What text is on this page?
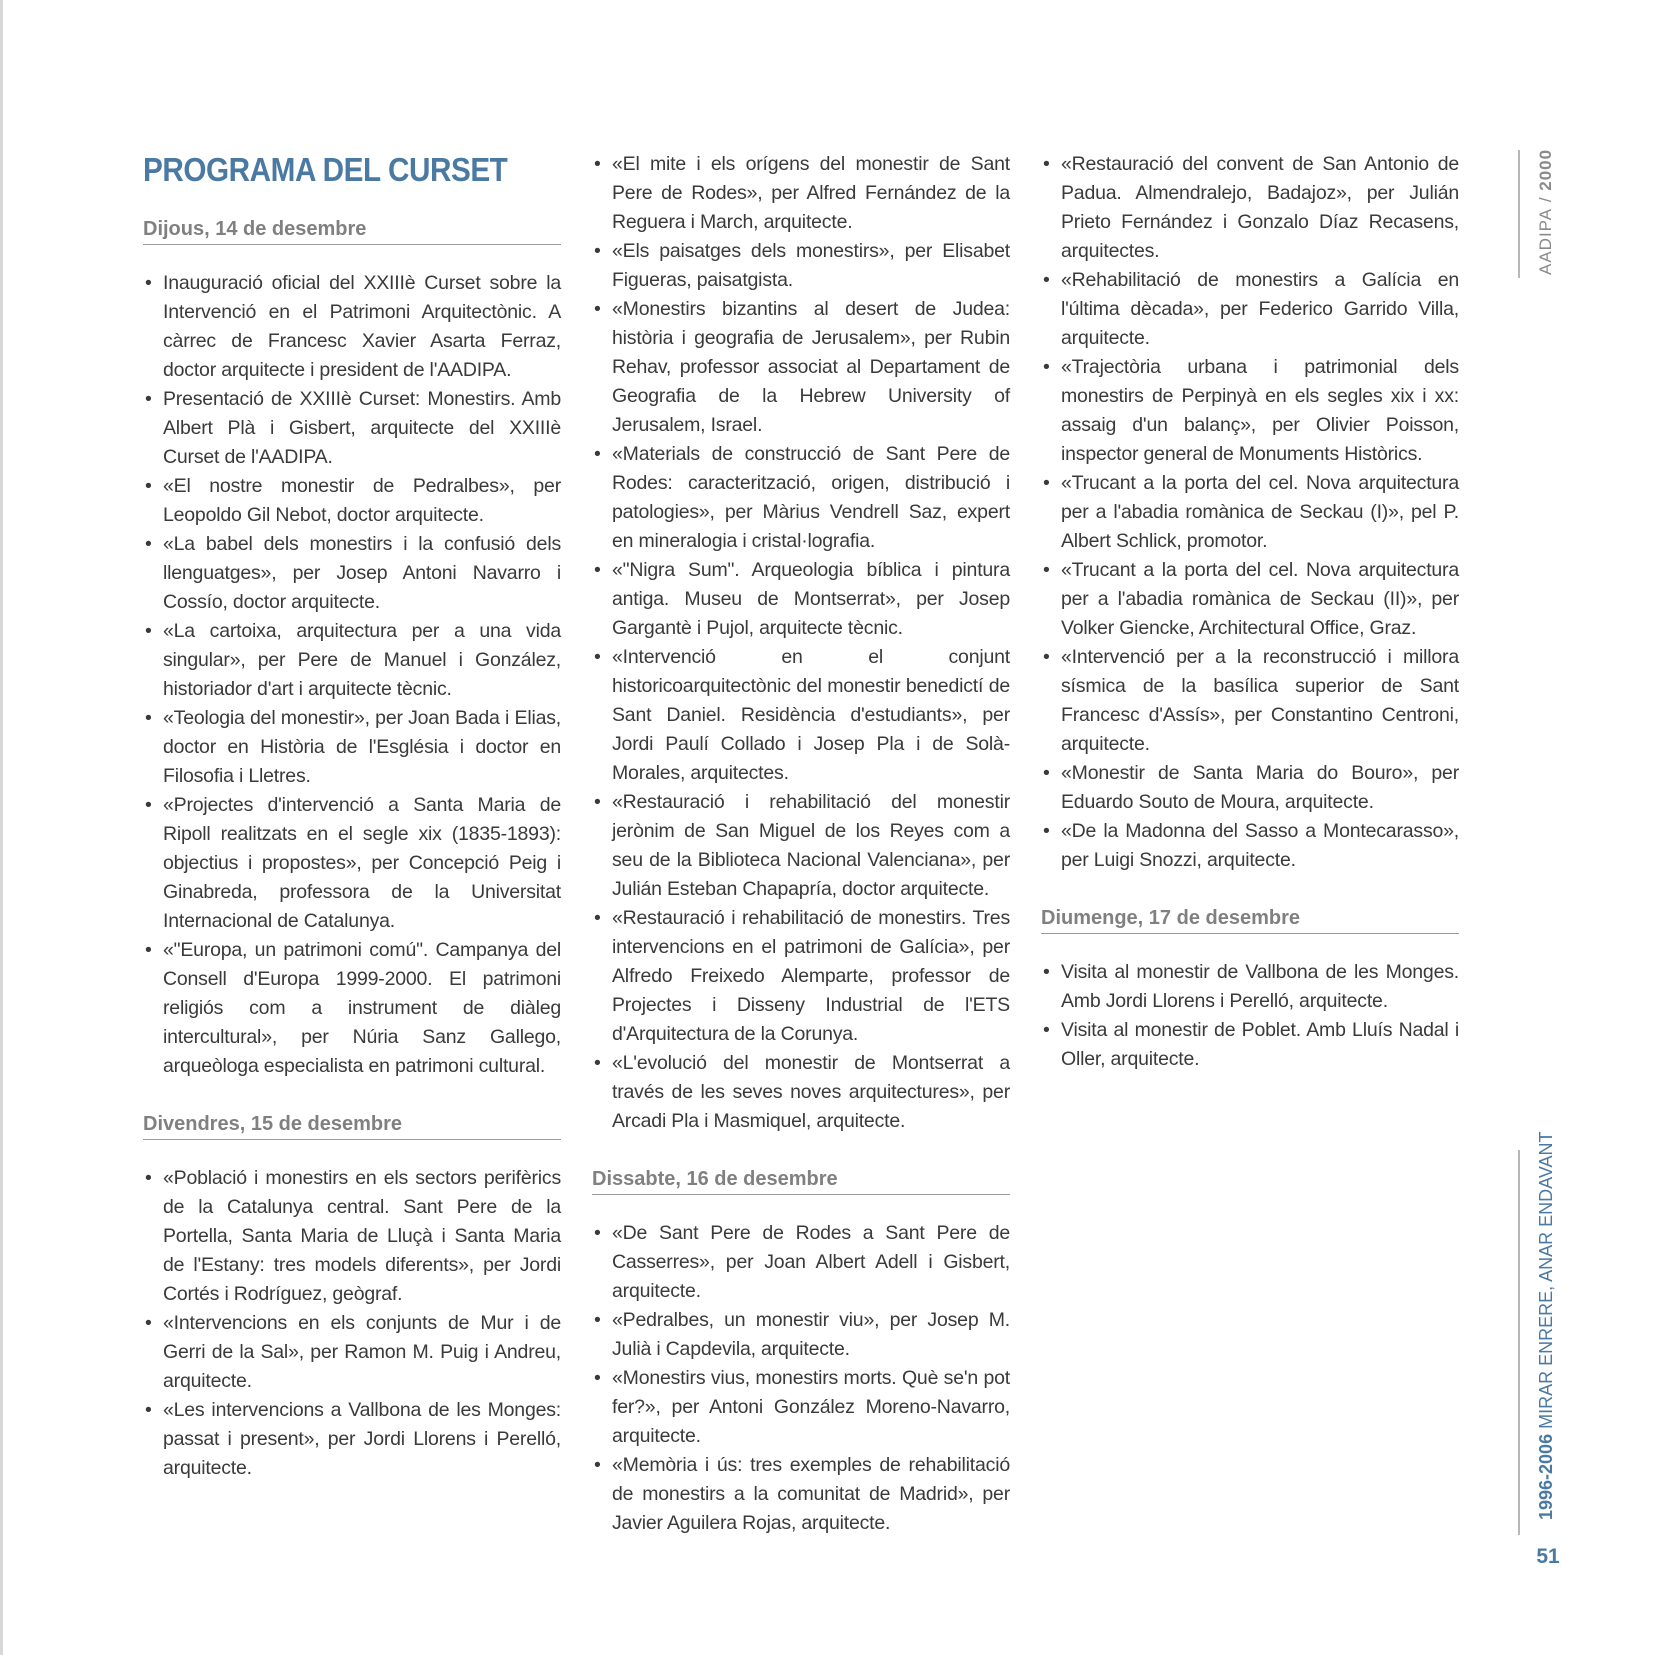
PROGRAMA DEL CURSET
Dijous, 14 de desembre
• Inauguració oficial del XXIIIè Curset sobre la Intervenció en el Patrimoni Arquitectònic. A càrrec de Francesc Xavier Asarta Ferraz, doctor arquitecte i president de l'AADIPA.
• Presentació de XXIIIè Curset: Monestirs. Amb Albert Plà i Gisbert, arquitecte del XXIIIè Curset de l'AADIPA.
• «El nostre monestir de Pedralbes», per Leopoldo Gil Nebot, doctor arquitecte.
• «La babel dels monestirs i la confusió dels llenguatges», per Josep Antoni Navarro i Cossío, doctor arquitecte.
• «La cartoixa, arquitectura per a una vida singular», per Pere de Manuel i González, historiador d'art i arquitecte tècnic.
• «Teologia del monestir», per Joan Bada i Elias, doctor en Història de l'Església i doctor en Filosofia i Lletres.
• «Projectes d'intervenció a Santa Maria de Ripoll realitzats en el segle xix (1835-1893): objectius i propostes», per Concepció Peig i Ginabreda, professora de la Universitat Internacional de Catalunya.
• «"Europa, un patrimoni comú". Campanya del Consell d'Europa 1999-2000. El patrimoni religiós com a instrument de diàleg intercultural», per Núria Sanz Gallego, arqueòloga especialista en patrimoni cultural.
Divendres, 15 de desembre
• «Població i monestirs en els sectors perifèrics de la Catalunya central. Sant Pere de la Portella, Santa Maria de Lluçà i Santa Maria de l'Estany: tres models diferents», per Jordi Cortés i Rodríguez, geògraf.
• «Intervencions en els conjunts de Mur i de Gerri de la Sal», per Ramon M. Puig i Andreu, arquitecte.
• «Les intervencions a Vallbona de les Monges: passat i present», per Jordi Llorens i Perelló, arquitecte.
• «El mite i els orígens del monestir de Sant Pere de Rodes», per Alfred Fernández de la Reguera i March, arquitecte.
• «Els paisatges dels monestirs», per Elisabet Figueras, paisatgista.
• «Monestirs bizantins al desert de Judea: història i geografia de Jerusalem», per Rubin Rehav, professor associat al Departament de Geografia de la Hebrew University of Jerusalem, Israel.
• «Materials de construcció de Sant Pere de Rodes: caracterització, origen, distribució i patologies», per Màrius Vendrell Saz, expert en mineralogia i cristal·lografia.
• «"Nigra Sum". Arqueologia bíblica i pintura antiga. Museu de Montserrat», per Josep Gargantè i Pujol, arquitecte tècnic.
• «Intervenció en el conjunt historicoarquitectònic del monestir benedictí de Sant Daniel. Residència d'estudiants», per Jordi Paulí Collado i Josep Pla i de Solà-Morales, arquitectes.
• «Restauració i rehabilitació del monestir jerònim de San Miguel de los Reyes com a seu de la Biblioteca Nacional Valenciana», per Julián Esteban Chapapría, doctor arquitecte.
• «Restauració i rehabilitació de monestirs. Tres intervencions en el patrimoni de Galícia», per Alfredo Freixedo Alemparte, professor de Projectes i Disseny Industrial de l'ETS d'Arquitectura de la Corunya.
• «L'evolució del monestir de Montserrat a través de les seves noves arquitectures», per Arcadi Pla i Masmiquel, arquitecte.
Dissabte, 16 de desembre
• «De Sant Pere de Rodes a Sant Pere de Casserres», per Joan Albert Adell i Gisbert, arquitecte.
• «Pedralbes, un monestir viu», per Josep M. Julià i Capdevila, arquitecte.
• «Monestirs vius, monestirs morts. Què se'n pot fer?», per Antoni González Moreno-Navarro, arquitecte.
• «Memòria i ús: tres exemples de rehabilitació de monestirs a la comunitat de Madrid», per Javier Aguilera Rojas, arquitecte.
• «Restauració del convent de San Antonio de Padua. Almendralejo, Badajoz», per Julián Prieto Fernández i Gonzalo Díaz Recasens, arquitectes.
• «Rehabilitació de monestirs a Galícia en l'última dècada», per Federico Garrido Villa, arquitecte.
• «Trajectòria urbana i patrimonial dels monestirs de Perpinyà en els segles xix i xx: assaig d'un balanç», per Olivier Poisson, inspector general de Monuments Històrics.
• «Trucant a la porta del cel. Nova arquitectura per a l'abadia romànica de Seckau (I)», pel P. Albert Schlick, promotor.
• «Trucant a la porta del cel. Nova arquitectura per a l'abadia romànica de Seckau (II)», per Volker Giencke, Architectural Office, Graz.
• «Intervenció per a la reconstrucció i millora sísmica de la basílica superior de Sant Francesc d'Assís», per Constantino Centroni, arquitecte.
• «Monestir de Santa Maria do Bouro», per Eduardo Souto de Moura, arquitecte.
• «De la Madonna del Sasso a Montecarasso», per Luigi Snozzi, arquitecte.
Diumenge, 17 de desembre
• Visita al monestir de Vallbona de les Monges. Amb Jordi Llorens i Perelló, arquitecte.
• Visita al monestir de Poblet. Amb Lluís Nadal i Oller, arquitecte.
AADIPA / 2000
1996-2006 MIRAR ENRERE, ANAR ENDAVANT
51
